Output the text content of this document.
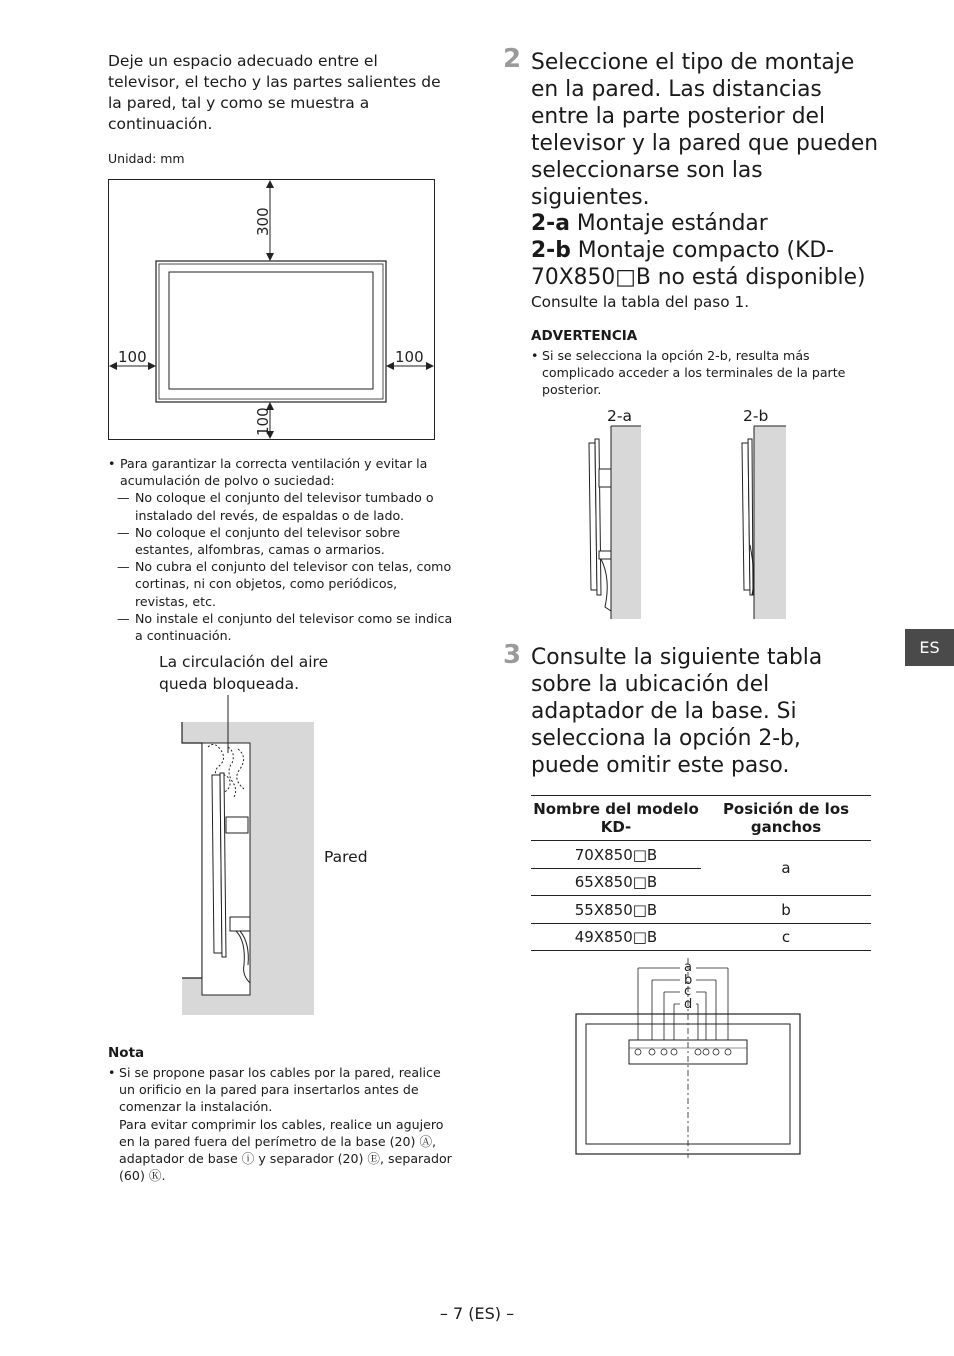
Deje un espacio adecuado entre el televisor, el techo y las partes salientes de la pared, tal y como se muestra a continuación.
Unidad: mm
300
100	100
100
• Para garantizar la correcta ventilación y evitar la acumulación de polvo o suciedad:
— No coloque el conjunto del televisor tumbado o instalado del revés, de espaldas o de lado.
— No coloque el conjunto del televisor sobre estantes, alfombras, camas o armarios.
— No cubra el conjunto del televisor con telas, como cortinas, ni con objetos, como periódicos, revistas, etc.
— No instale el conjunto del televisor como se indica a continuación.
La circulación del aire queda bloqueada.
Pared
Nota
• Si se propone pasar los cables por la pared, realice un orificio en la pared para insertarlos antes de comenzar la instalación.
Para evitar comprimir los cables, realice un agujero en la pared fuera del perímetro de la base (20) Ⓐ, adaptador de base ⓘ y separador (20) Ⓔ, separador (60) Ⓚ.
2 Seleccione el tipo de montaje en la pared. Las distancias entre la parte posterior del televisor y la pared que pueden seleccionarse son las siguientes.
2-a Montaje estándar
2-b Montaje compacto (KD-70X850□B no está disponible)
Consulte la tabla del paso 1.
ADVERTENCIA
• Si se selecciona la opción 2-b, resulta más complicado acceder a los terminales de la parte posterior.
2-a	2-b
ES
3 Consulte la siguiente tabla sobre la ubicación del adaptador de la base. Si selecciona la opción 2-b, puede omitir este paso.
Nombre del modelo KD-	Posición de los ganchos
70X850□B	a
65X850□B	
55X850□B	b
49X850□B	c
a
b
c
d
– 7 (ES) –
